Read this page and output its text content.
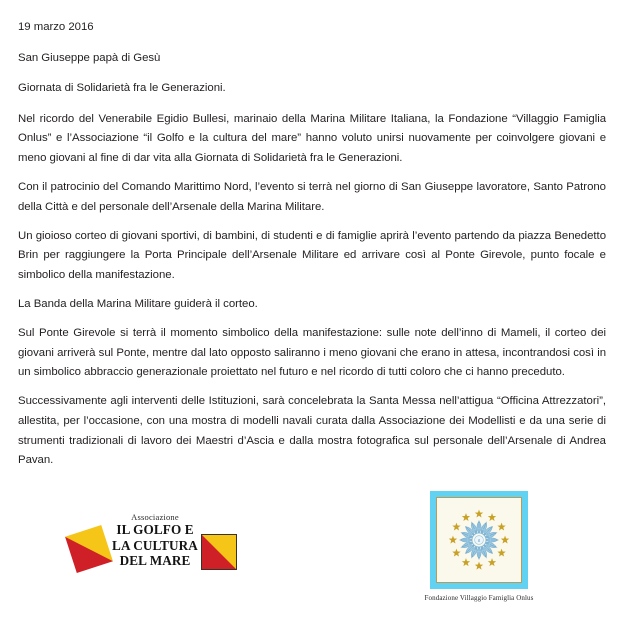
19 marzo 2016

San Giuseppe papà di Gesù

Giornata di Solidarietà fra le Generazioni.

Nel ricordo del Venerabile Egidio Bullesi, marinaio della Marina Militare Italiana, la Fondazione “Villaggio Famiglia Onlus” e l’Associazione “il Golfo e la cultura del mare” hanno voluto unirsi nuovamente per coinvolgere giovani e meno giovani al fine di dar vita alla Giornata di Solidarietà fra le Generazioni.

Con il patrocinio del Comando Marittimo Nord, l’evento si terrà nel giorno di San Giuseppe lavoratore, Santo Patrono della Città e del personale dell’Arsenale della Marina Militare.

Un gioioso corteo di giovani sportivi, di bambini, di studenti e di famiglie aprirà l’evento partendo da piazza Benedetto Brin per raggiungere la Porta Principale dell’Arsenale Militare ed arrivare così al Ponte Girevole, punto focale e simbolico della manifestazione.

La Banda della Marina Militare guiderà il corteo.

Sul Ponte Girevole si terrà il momento simbolico della manifestazione: sulle note dell’inno di Mameli, il corteo dei giovani arriverà sul Ponte, mentre dal lato opposto saliranno i meno giovani che erano in attesa, incontrandosi così in un simbolico abbraccio generazionale proiettato nel futuro e nel ricordo di tutti coloro che ci hanno preceduto.

Successivamente agli interventi delle Istituzioni, sarà concelebrata la Santa Messa nell’attigua “Officina Attrezzatori”, allestita, per l’occasione, con una mostra di modelli navali curata dalla Associazione dei Modellisti e da una serie di strumenti tradizionali di lavoro dei Maestri d’Ascia e dalla mostra fotografica sul personale dell’Arsenale di Andrea Pavan.

Associazione
IL GOLFO E
LA CULTURA
DEL MARE
fl
Fondazione Villaggio Famiglia Onlus
